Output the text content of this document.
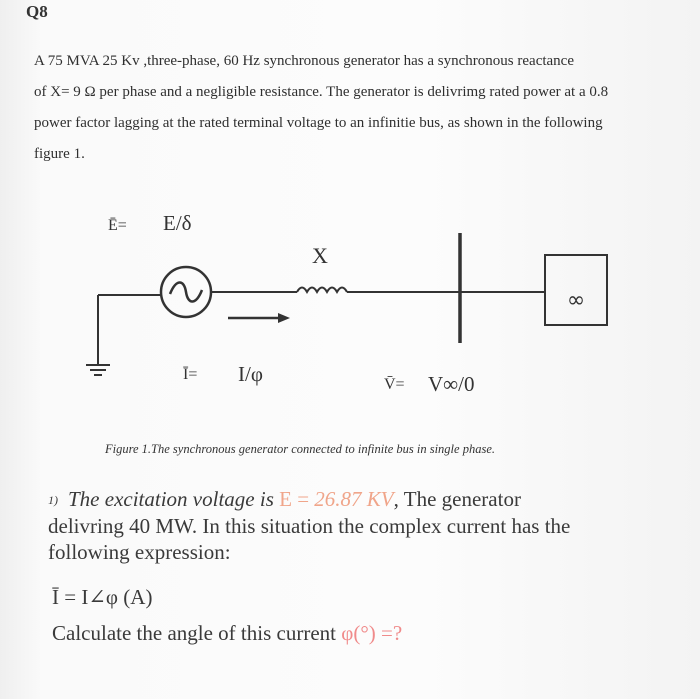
Q8
A 75 MVA 25 Kv ,three-phase, 60 Hz synchronous generator has a synchronous reactance
of X= 9 Ω per phase and a negligible resistance. The generator is delivrimg rated power at a 0.8
power factor lagging at the rated terminal voltage to an infinitie bus, as shown in the following
figure 1.
Ē= E/δ
X
∞
Ī= I/φ	V̄= V∞/0
Figure 1.The synchronous generator connected to infinite bus in single phase.
1) The excitation voltage is E = 26.87 KV, The generator
delivring 40 MW. In this situation the complex current has the
following expression:
Ī = I∠φ (A)
Calculate the angle of this current φ(°) =?
